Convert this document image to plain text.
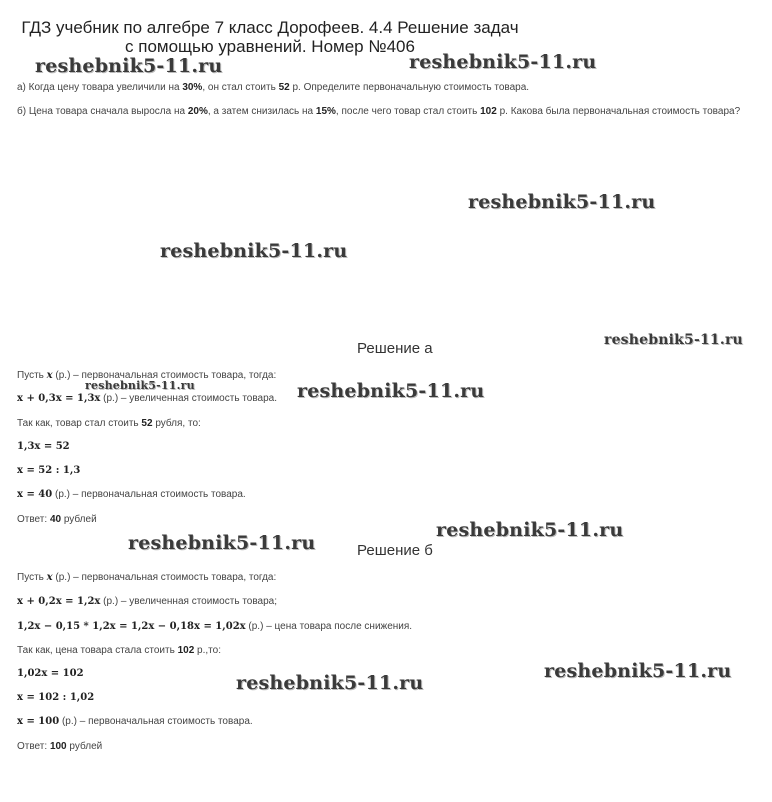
ГДЗ учебник по алгебре 7 класс Дорофеев. 4.4 Решение задач
с помощью уравнений. Номер №406
а) Когда цену товара увеличили на 30%, он стал стоить 52 р. Определите первоначальную стоимость товара.
б) Цена товара сначала выросла на 20%, а затем снизилась на 15%, после чего товар стал стоить 102 р. Какова была первоначальная стоимость товара?
Решение а
Пусть x (р.) – первоначальная стоимость товара, тогда:
x + 0,3x = 1,3x (р.) – увеличенная стоимость товара.
Так как, товар стал стоить 52 рубля, то:
1,3x = 52
x = 52 : 1,3
x = 40 (р.) – первоначальная стоимость товара.
Ответ: 40 рублей
Решение б
Пусть x (р.) – первоначальная стоимость товара, тогда:
x + 0,2x = 1,2x (р.) – увеличенная стоимость товара;
1,2x − 0,15 * 1,2x = 1,2x − 0,18x = 1,02x (р.) – цена товара после снижения.
Так как, цена товара стала стоить 102 р.,то:
1,02x = 102
x = 102 : 1,02
x = 100 (р.) – первоначальная стоимость товара.
Ответ: 100 рублей
reshebnik5-11.ru	reshebnik5-11.ru
reshebnik5-11.ru
reshebnik5-11.ru
reshebnik5-11.ru
reshebnik5-11.ru	reshebnik5-11.ru
reshebnik5-11.ru
reshebnik5-11.ru
reshebnik5-11.ru
reshebnik5-11.ru
